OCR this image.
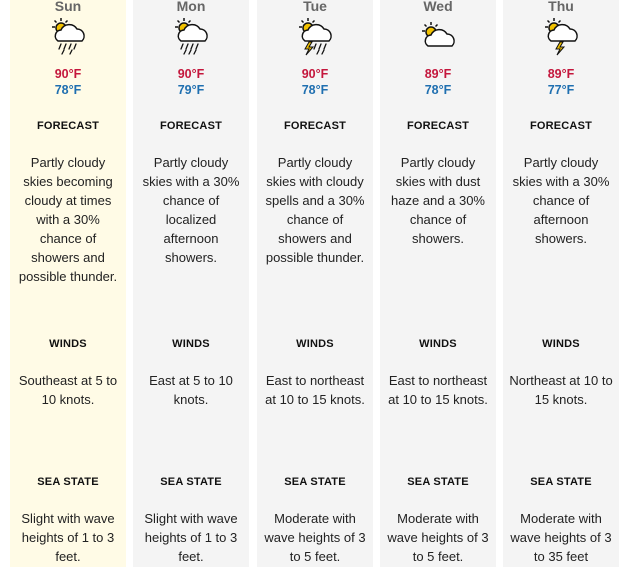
Sun
90°F
78°F
FORECAST
Partly cloudy skies becoming cloudy at times with a 30% chance of showers and possible thunder.
WINDS
Southeast at 5 to 10 knots.
SEA STATE
Slight with wave heights of 1 to 3 feet.
Mon
90°F
79°F
FORECAST
Partly cloudy skies with a 30% chance of localized afternoon showers.
WINDS
East at 5 to 10 knots.
SEA STATE
Slight with wave heights of 1 to 3 feet.
Tue
90°F
78°F
FORECAST
Partly cloudy skies with cloudy spells and a 30% chance of showers and possible thunder.
WINDS
East to northeast at 10 to 15 knots.
SEA STATE
Moderate with wave heights of 3 to 5 feet.
Wed
89°F
78°F
FORECAST
Partly cloudy skies with dust haze and a 30% chance of showers.
WINDS
East to northeast at 10 to 15 knots.
SEA STATE
Moderate with wave heights of 3 to 5 feet.
Thu
89°F
77°F
FORECAST
Partly cloudy skies with a 30% chance of afternoon showers.
WINDS
Northeast at 10 to 15 knots.
SEA STATE
Moderate with wave heights of 3 to 35 feet
